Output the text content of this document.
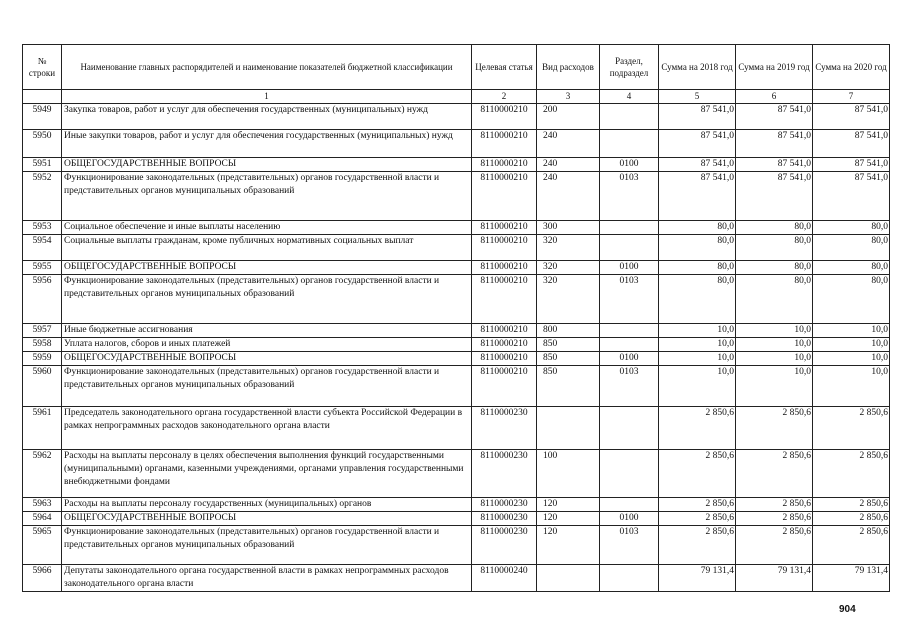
№ строки	Наименование главных распорядителей и наименование показателей бюджетной классификации	Целевая статья	Вид расходов	Раздел, подраздел	Сумма на 2018 год	Сумма на 2019 год	Сумма на 2020 год
	1	2	3	4	5	6	7
5949	Закупка товаров, работ и услуг для обеспечения государственных (муниципальных) нужд	8110000210	200		87 541,0	87 541,0	87 541,0
5950	Иные закупки товаров, работ и услуг для обеспечения государственных (муниципальных) нужд	8110000210	240		87 541,0	87 541,0	87 541,0
5951	ОБЩЕГОСУДАРСТВЕННЫЕ ВОПРОСЫ	8110000210	240	0100	87 541,0	87 541,0	87 541,0
5952	Функционирование законодательных (представительных) органов государственной власти и представительных органов муниципальных образований	8110000210	240	0103	87 541,0	87 541,0	87 541,0
5953	Социальное обеспечение и иные выплаты населению	8110000210	300		80,0	80,0	80,0
5954	Социальные выплаты гражданам, кроме публичных нормативных социальных выплат	8110000210	320		80,0	80,0	80,0
5955	ОБЩЕГОСУДАРСТВЕННЫЕ ВОПРОСЫ	8110000210	320	0100	80,0	80,0	80,0
5956	Функционирование законодательных (представительных) органов государственной власти и представительных органов муниципальных образований	8110000210	320	0103	80,0	80,0	80,0
5957	Иные бюджетные ассигнования	8110000210	800		10,0	10,0	10,0
5958	Уплата налогов, сборов и иных платежей	8110000210	850		10,0	10,0	10,0
5959	ОБЩЕГОСУДАРСТВЕННЫЕ ВОПРОСЫ	8110000210	850	0100	10,0	10,0	10,0
5960	Функционирование законодательных (представительных) органов государственной власти и представительных органов муниципальных образований	8110000210	850	0103	10,0	10,0	10,0
5961	Председатель законодательного органа государственной власти субъекта Российской Федерации в рамках непрограммных расходов законодательного органа власти	8110000230			2 850,6	2 850,6	2 850,6
5962	Расходы на выплаты персоналу в целях обеспечения выполнения функций государственными (муниципальными) органами, казенными учреждениями, органами управления государственными внебюджетными фондами	8110000230	100		2 850,6	2 850,6	2 850,6
5963	Расходы на выплаты персоналу государственных (муниципальных) органов	8110000230	120		2 850,6	2 850,6	2 850,6
5964	ОБЩЕГОСУДАРСТВЕННЫЕ ВОПРОСЫ	8110000230	120	0100	2 850,6	2 850,6	2 850,6
5965	Функционирование законодательных (представительных) органов государственной власти и представительных органов муниципальных образований	8110000230	120	0103	2 850,6	2 850,6	2 850,6
5966	Депутаты законодательного органа государственной власти в рамках непрограммных расходов законодательного органа власти	8110000240			79 131,4	79 131,4	79 131,4
904
